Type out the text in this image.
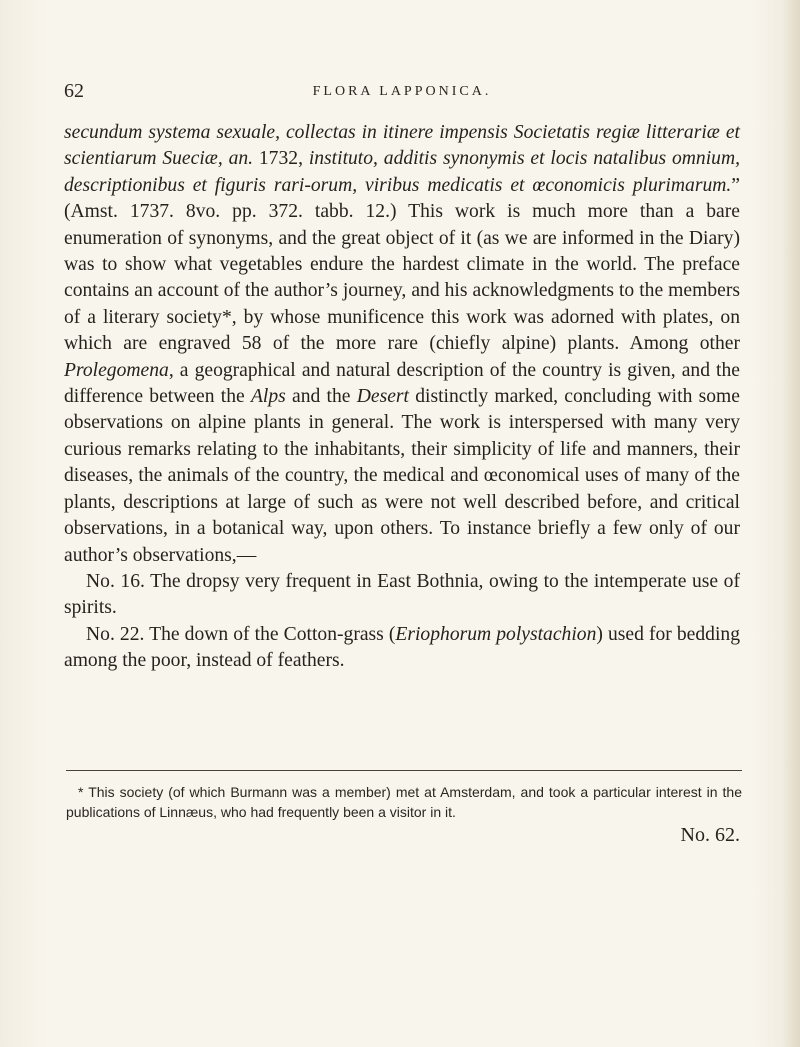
62	FLORA LAPPONICA.

secundum systema sexuale, collectas in itinere impensis Societatis regiæ litterariæ et scientiarum Sueciæ, an. 1732, instituto, additis synonymis et locis natalibus omnium, descriptionibus et figuris rari-orum, viribus medicatis et œconomicis plurimarum.” (Amst. 1737. 8vo. pp. 372. tabb. 12.) This work is much more than a bare enumeration of synonyms, and the great object of it (as we are informed in the Diary) was to show what vegetables endure the hardest climate in the world. The preface contains an account of the author’s journey, and his acknowledgments to the members of a literary society*, by whose munificence this work was adorned with plates, on which are engraved 58 of the more rare (chiefly alpine) plants. Among other Prolegomena, a geographical and natural description of the country is given, and the difference between the Alps and the Desert distinctly marked, concluding with some observations on alpine plants in general. The work is interspersed with many very curious remarks relating to the inhabitants, their simplicity of life and manners, their diseases, the animals of the country, the medical and œconomical uses of many of the plants, descriptions at large of such as were not well described before, and critical observations, in a botanical way, upon others. To instance briefly a few only of our author’s observations,—

No. 16. The dropsy very frequent in East Bothnia, owing to the intemperate use of spirits.

No. 22. The down of the Cotton-grass (Eriophorum polystachion) used for bedding among the poor, instead of feathers.

* This society (of which Burmann was a member) met at Amsterdam, and took a particular interest in the publications of Linnæus, who had frequently been a visitor in it.
No. 62.
